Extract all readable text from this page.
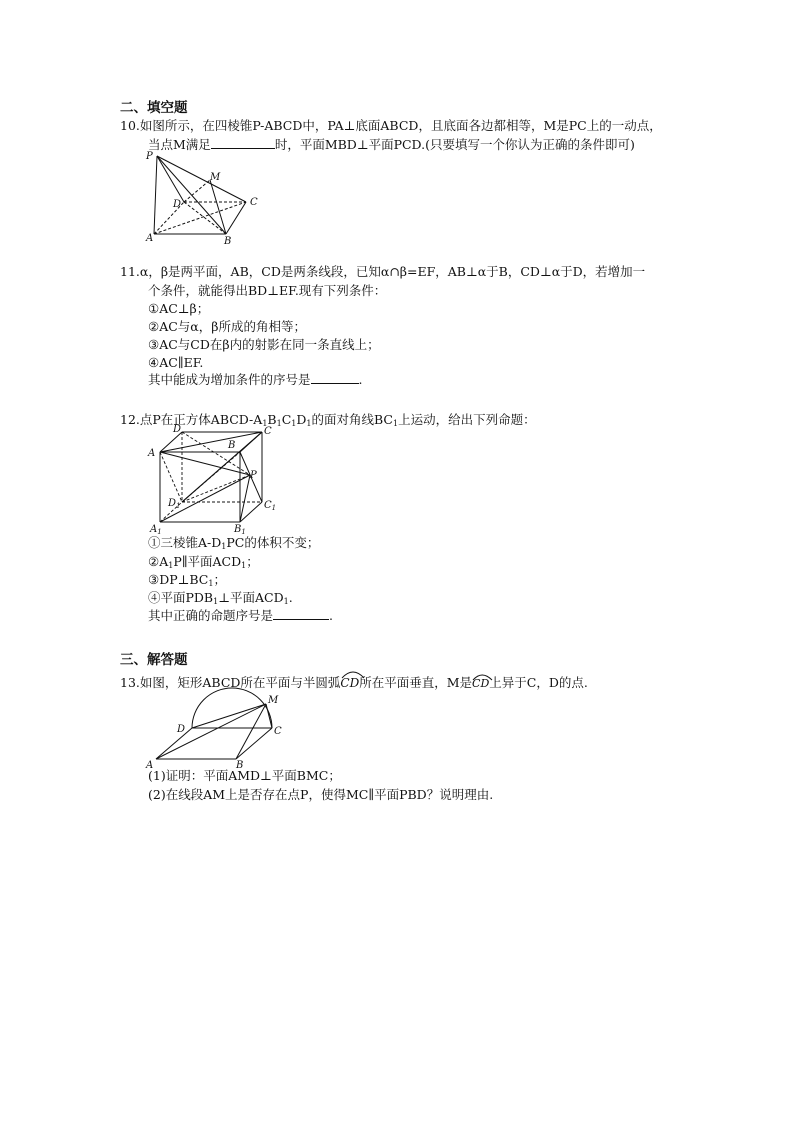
二、填空题
10.如图所示，在四棱锥P-ABCD中，PA⊥底面ABCD，且底面各边都相等，M是PC上的一动点，
当点M满足	时，平面MBD⊥平面PCD.(只要填写一个你认为正确的条件即可)
P
M
D	C
A	B
11.α，β是两平面，AB，CD是两条线段，已知α∩β=EF，AB⊥α于B，CD⊥α于D，若增加一
个条件，就能得出BD⊥EF.现有下列条件：
①AC⊥β；
②AC与α，β所成的角相等；
③AC与CD在β内的射影在同一条直线上；
④AC∥EF.
其中能成为增加条件的序号是	.
12.点P在正方体ABCD-$A_1B_1C_1D_1$的面对角线$BC_1$上运动，给出下列命题：
D
B
C
A
P
$D_1$	$C_1$
$A_1$	$B_1$
①三棱锥$A-D_1PC$的体积不变；
$②A_1P\parallel$平面$ACD_1$；
$③DP\perp BC_1$；
④平面$PDB_1\perp$平面$ACD_1$.
其中正确的命题序号是	.
三、解答题
13.如图，矩形ABCD所在平面与半圆弧
CD所在平面垂直，M是
CD上异于C，D的点.
M
D	C
A	B
(1)证明：平面AMD⊥平面BMC；
(2)在线段AM上是否存在点P，使得MC∥平面PBD？说明理由.
